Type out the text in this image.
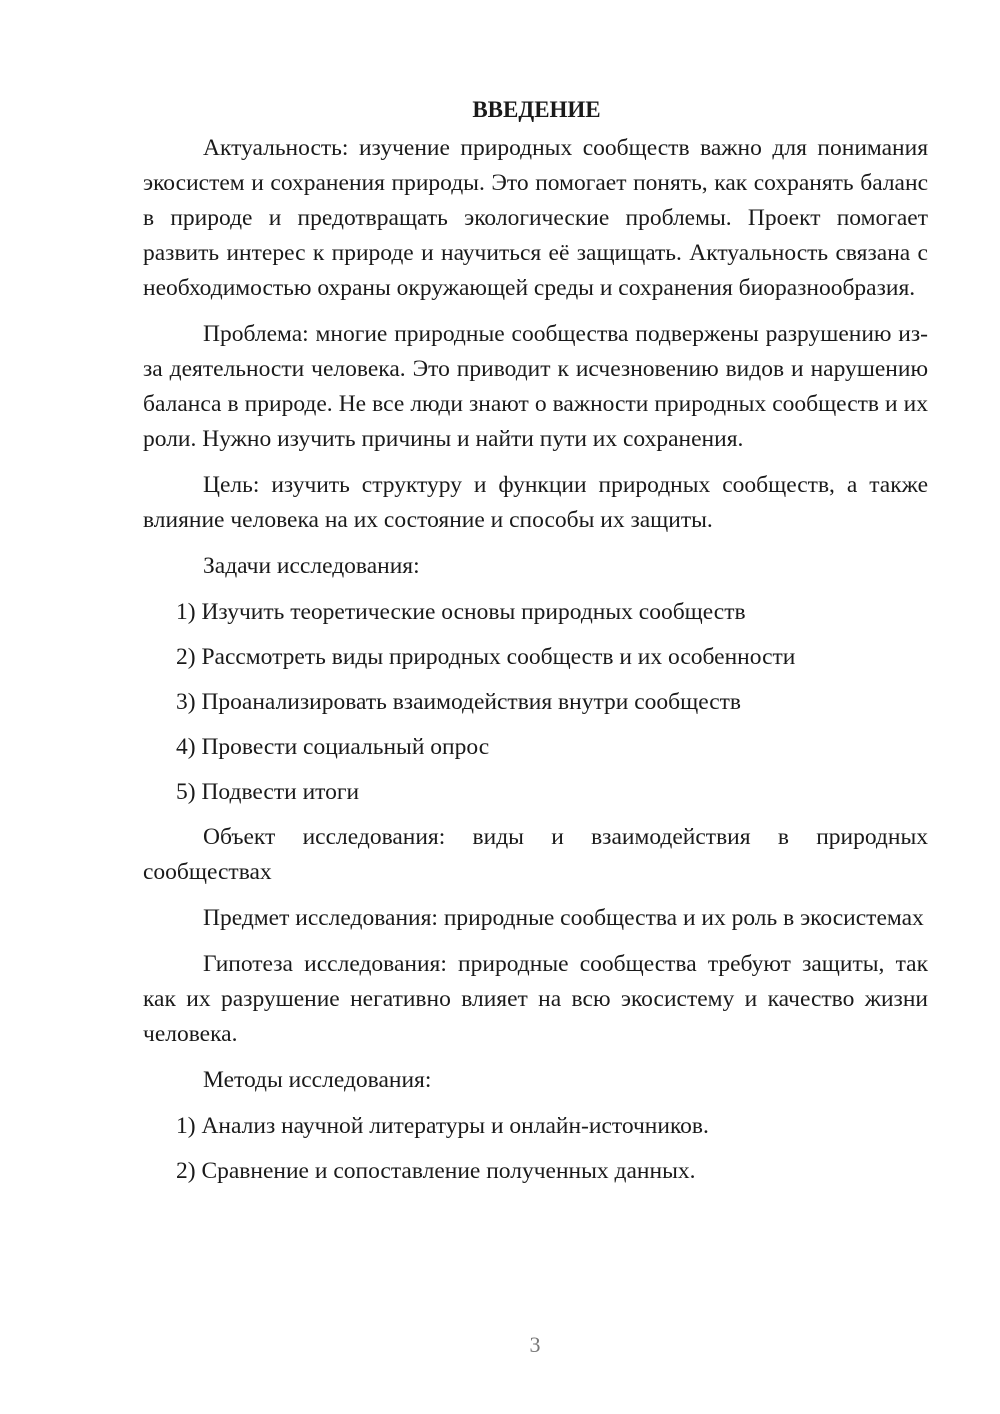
ВВЕДЕНИЕ

Актуальность: изучение природных сообществ важно для понимания экосистем и сохранения природы. Это помогает понять, как сохранять баланс в природе и предотвращать экологические проблемы. Проект помогает развить интерес к природе и научиться её защищать. Актуальность связана с необходимостью охраны окружающей среды и сохранения биоразнообразия.

Проблема: многие природные сообщества подвержены разрушению из-за деятельности человека. Это приводит к исчезновению видов и нарушению баланса в природе. Не все люди знают о важности природных сообществ и их роли. Нужно изучить причины и найти пути их сохранения.

Цель: изучить структуру и функции природных сообществ, а также влияние человека на их состояние и способы их защиты.

Задачи исследования:

1) Изучить теоретические основы природных сообществ
2) Рассмотреть виды природных сообществ и их особенности
3) Проанализировать взаимодействия внутри сообществ
4) Провести социальный опрос
5) Подвести итоги

Объект исследования: виды и взаимодействия в природных сообществах

Предмет исследования: природные сообщества и их роль в экосистемах

Гипотеза исследования: природные сообщества требуют защиты, так как их разрушение негативно влияет на всю экосистему и качество жизни человека.

Методы исследования:

1) Анализ научной литературы и онлайн-источников.
2) Сравнение и сопоставление полученных данных.
3
